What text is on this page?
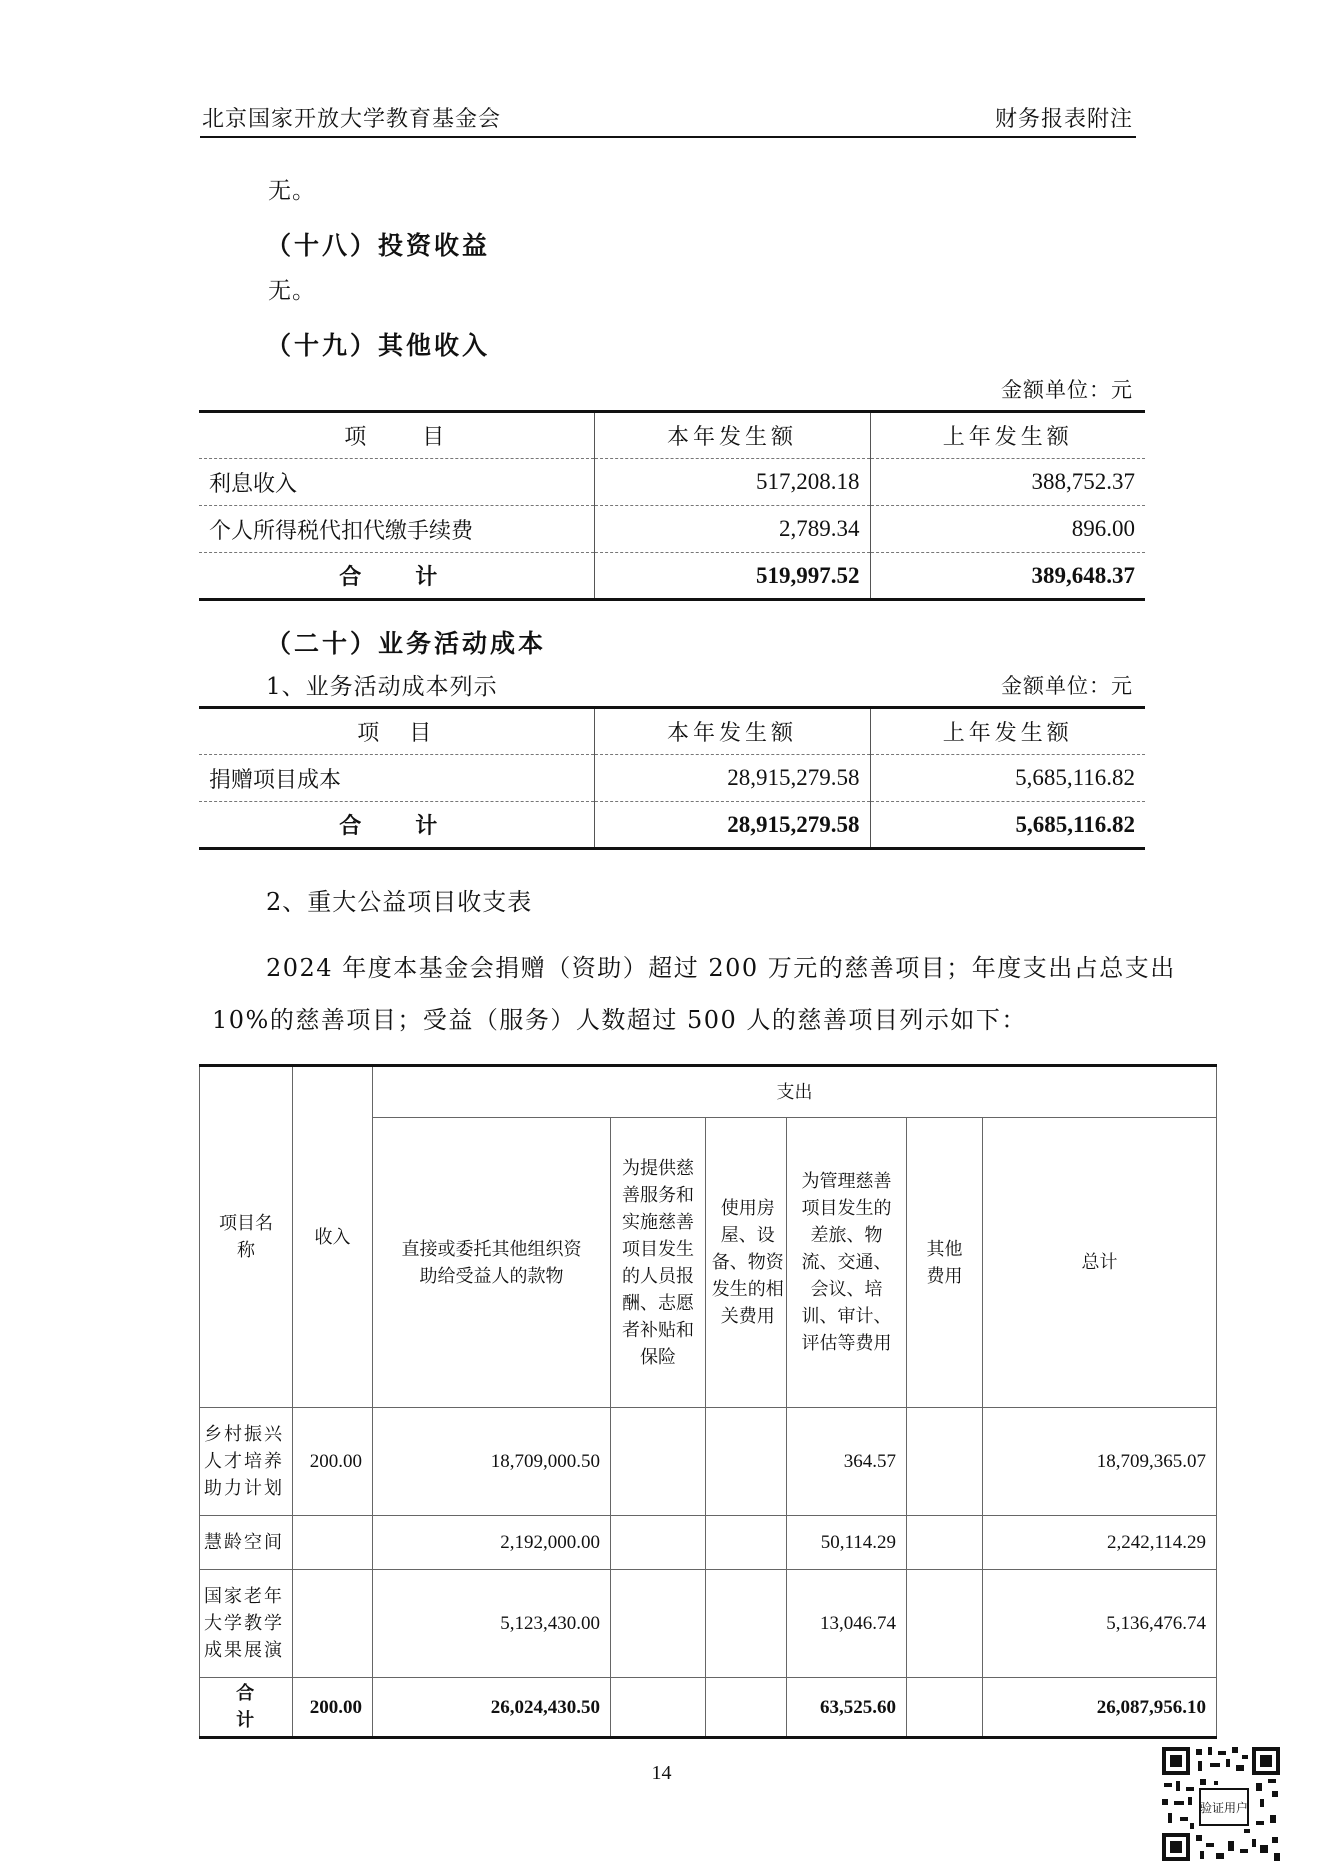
北京国家开放大学教育基金会	财务报表附注
无。
（十八）投资收益
无。
（十九）其他收入
金额单位：元
项　　目	本年发生额	上年发生额
利息收入	517,208.18	388,752.37
个人所得税代扣代缴手续费	2,789.34	896.00
合　计	519,997.52	389,648.37
（二十）业务活动成本
1、业务活动成本列示	金额单位：元
项　目	本年发生额	上年发生额
捐赠项目成本	28,915,279.58	5,685,116.82
合　计	28,915,279.58	5,685,116.82
2、重大公益项目收支表
2024 年度本基金会捐赠（资助）超过 200 万元的慈善项目；年度支出占总支出
10%的慈善项目；受益（服务）人数超过 500 人的慈善项目列示如下：
项目名称	收入	支出					
		直接或委托其他组织资助给受益人的款物	为提供慈善服务和实施慈善项目发生的人员报酬、志愿者补贴和保险	使用房屋、设备、物资发生的相关费用	为管理慈善项目发生的差旅、物流、交通、会议、培训、审计、评估等费用	其他费用	总计
乡村振兴人才培养助力计划	200.00	18,709,000.50			364.57		18,709,365.07
慧龄空间		2,192,000.00			50,114.29		2,242,114.29
国家老年大学教学成果展演		5,123,430.00			13,046.74		5,136,476.74
合计	200.00	26,024,430.50			63,525.60		26,087,956.10
14
验证用户
